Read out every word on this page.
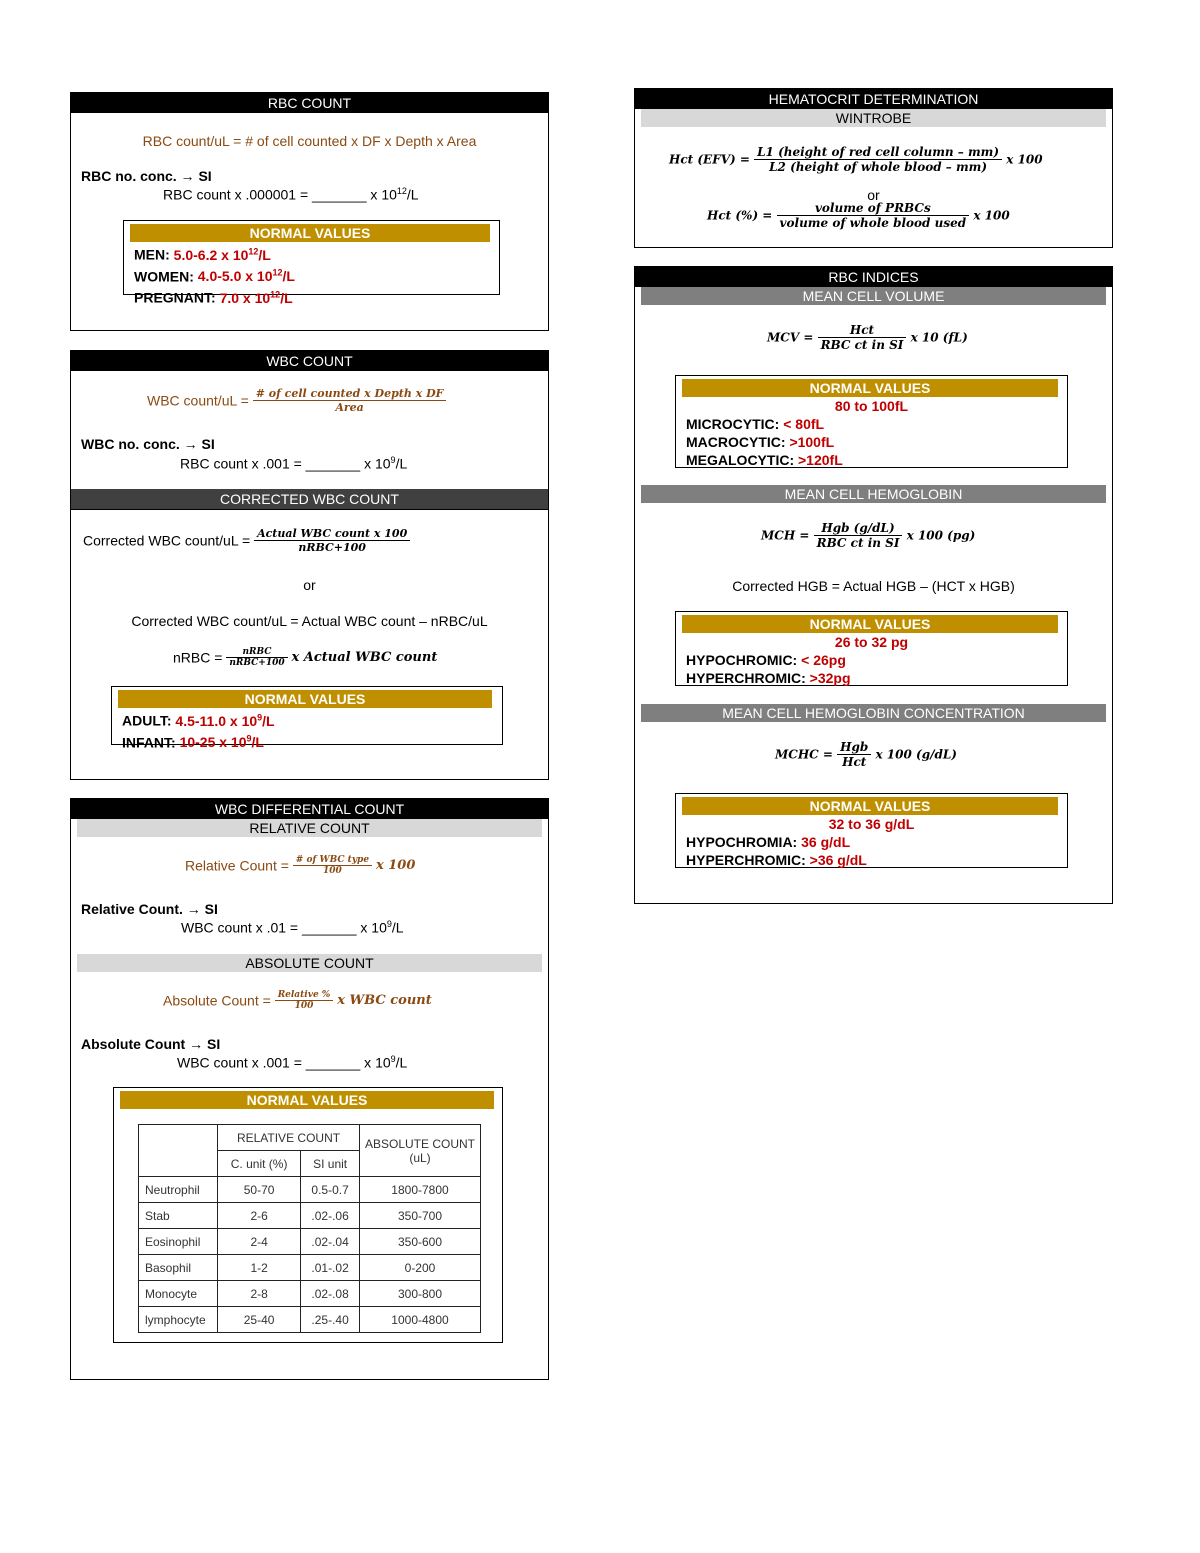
RBC COUNT
RBC count/uL = # of cell counted x DF x Depth x Area
RBC no. conc. → SI
RBC count x .000001 = _______ x $10^{12}/L$
NORMAL VALUES
MEN: 5.0-6.2 x $10^{12}/L$
WOMEN: 4.0-5.0 x $10^{12}/L$
PREGNANT: 7.0 x $10^{12}/L$
WBC COUNT
WBC count/uL = $\frac{\text{\# of cell counted x Depth x DF}}{\text{Area}}$
WBC no. conc. → SI
RBC count x .001 = _______ x $10^9/L$
CORRECTED WBC COUNT
Corrected WBC count/uL = $\frac{\text{Actual WBC count x 100}}{\text{nRBC+100}}$
or
Corrected WBC count/uL = Actual WBC count – nRBC/uL
nRBC = $\frac{\text{nRBC}}{\text{nRBC+100}}$ x Actual WBC count
NORMAL VALUES
ADULT: 4.5-11.0 x $10^9/L$
INFANT: 10-25 x $10^9/L$
WBC DIFFERENTIAL COUNT
RELATIVE COUNT
Relative Count = $\frac{\text{\# of WBC type}}{100}$ x 100
Relative Count. → SI
WBC count x .01 = _______ x $10^9/L$
ABSOLUTE COUNT
Absolute Count = $\frac{\text{Relative \%}}{100}$ x WBC count
Absolute Count → SI
WBC count x .001 = _______ x $10^9/L$
NORMAL VALUES
	RELATIVE COUNT		ABSOLUTE COUNT
(uL)

	C. unit (%)	SI unit	
Neutrophil	50-70	0.5-0.7	1800-7800
Stab	2-6	.02-.06	350-700
Eosinophil	2-4	.02-.04	350-600
Basophil	1-2	.01-.02	0-200
Monocyte	2-8	.02-.08	300-800
lymphocyte	25-40	.25-.40	1000-4800
HEMATOCRIT DETERMINATION
WINTROBE
Hct $(EFV) = \frac{\text{L1 (height of red cell column – mm)}}{\text{L2 (height of whole blood – mm)}}$ x 100
or
Hct (%) = $\frac{\text{volume of PRBCs}}{\text{volume of whole blood used}}$ x 100
RBC INDICES
MEAN CELL VOLUME
MCV = $\frac{\text{Hct}}{\text{RBC ct in SI}}$ x 10 (fL)
NORMAL VALUES
80 to 100fL
MICROCYTIC: < 80fL
MACROCYTIC: >100fL
MEGALOCYTIC: >120fL
MEAN CELL HEMOGLOBIN
MCH = $\frac{\text{Hgb (g/dL)}}{\text{RBC ct in SI}}$ x 100 (pg)
Corrected HGB = Actual HGB – (HCT x HGB)
NORMAL VALUES
26 to 32 pg
HYPOCHROMIC: < 26pg
HYPERCHROMIC: >32pg
MEAN CELL HEMOGLOBIN CONCENTRATION
MCHC = $\frac{\text{Hgb}}{\text{Hct}}$ x 100 (g/dL)
NORMAL VALUES
32 to 36 g/dL
HYPOCHROMIA: 36 g/dL
HYPERCHROMIC: >36 g/dL
